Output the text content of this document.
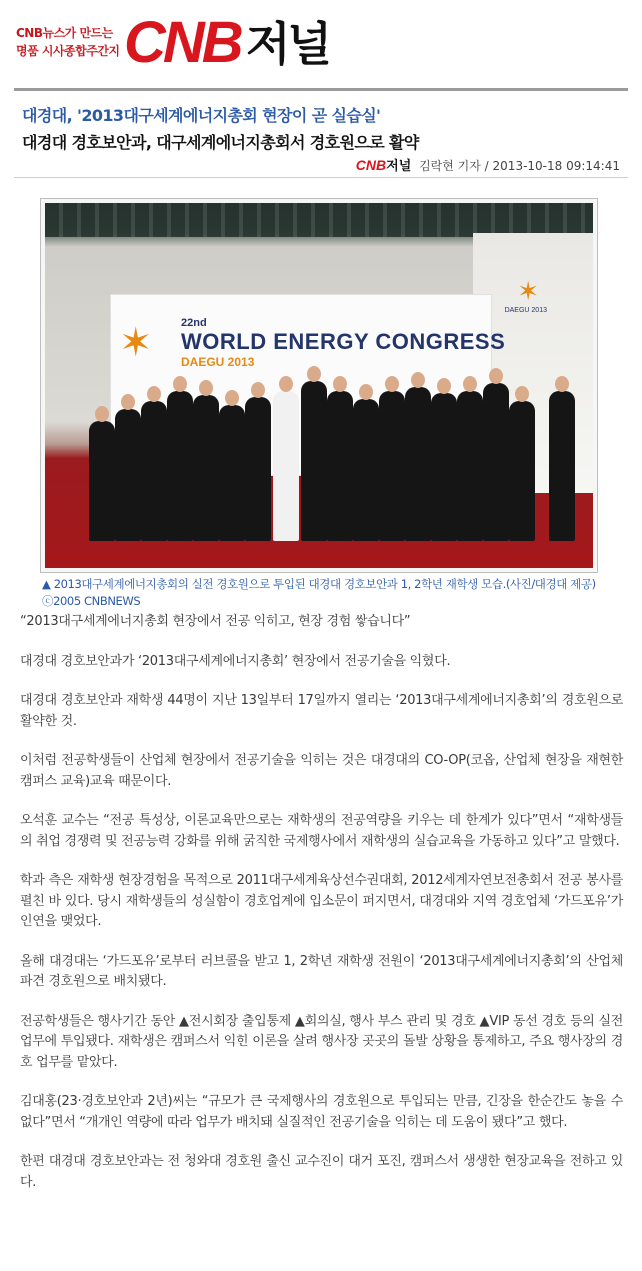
CNB뉴스가 만드는
명품 시사종합주간지 CNB 저널
대경대, '2013대구세계에너지총회 현장이 곧 실습실'
대경대 경호보안과, 대구세계에너지총회서 경호원으로 활약
CNB저널 김락현 기자 / 2013-10-18 09:14:41
✶
DAEGU 2013
✶	22nd
WORLD ENERGY CONGRESS
DAEGU 2013
▲ 2013대구세계에너지총회의 실전 경호원으로 투입된 대경대 경호보안과 1, 2학년 재학생 모습.(사진/대경대 제공) ⓒ2005 CNBNEWS

“2013대구세계에너지총회 현장에서 전공 익히고, 현장 경험 쌓습니다”

대경대 경호보안과가 ‘2013대구세계에너지총회’ 현장에서 전공기술을 익혔다.

대경대 경호보안과 재학생 44명이 지난 13일부터 17일까지 열리는 ‘2013대구세계에너지총회’의 경호원으로 활약한 것.

이처럼 전공학생들이 산업체 현장에서 전공기술을 익히는 것은 대경대의 CO-OP(코옵, 산업체 현장을 재현한 캠퍼스 교육)교육 때문이다.

오석훈 교수는 “전공 특성상, 이론교육만으로는 재학생의 전공역량을 키우는 데 한계가 있다”면서 “재학생들의 취업 경쟁력 및 전공능력 강화를 위해 굵직한 국제행사에서 재학생의 실습교육을 가동하고 있다”고 말했다.

학과 측은 재학생 현장경험을 목적으로 2011대구세계육상선수권대회, 2012세계자연보전총회서 전공 봉사를 펼친 바 있다. 당시 재학생들의 성실함이 경호업계에 입소문이 퍼지면서, 대경대와 지역 경호업체 ‘가드포유’가 인연을 맺었다.

올해 대경대는 ‘가드포유’로부터 러브콜을 받고 1, 2학년 재학생 전원이 ‘2013대구세계에너지총회’의 산업체 파견 경호원으로 배치됐다.

전공학생들은 행사기간 동안 ▲전시회장 출입통제 ▲회의실, 행사 부스 관리 및 경호 ▲VIP 동선 경호 등의 실전 업무에 투입됐다. 재학생은 캠퍼스서 익힌 이론을 살려 행사장 곳곳의 돌발 상황을 통제하고, 주요 행사장의 경호 업무를 맡았다.

김대홍(23·경호보안과 2년)씨는 “규모가 큰 국제행사의 경호원으로 투입되는 만큼, 긴장을 한순간도 놓을 수 없다”면서 “개개인 역량에 따라 업무가 배치돼 실질적인 전공기술을 익히는 데 도움이 됐다”고 했다.

한편 대경대 경호보안과는 전 청와대 경호원 출신 교수진이 대거 포진, 캠퍼스서 생생한 현장교육을 전하고 있다.
